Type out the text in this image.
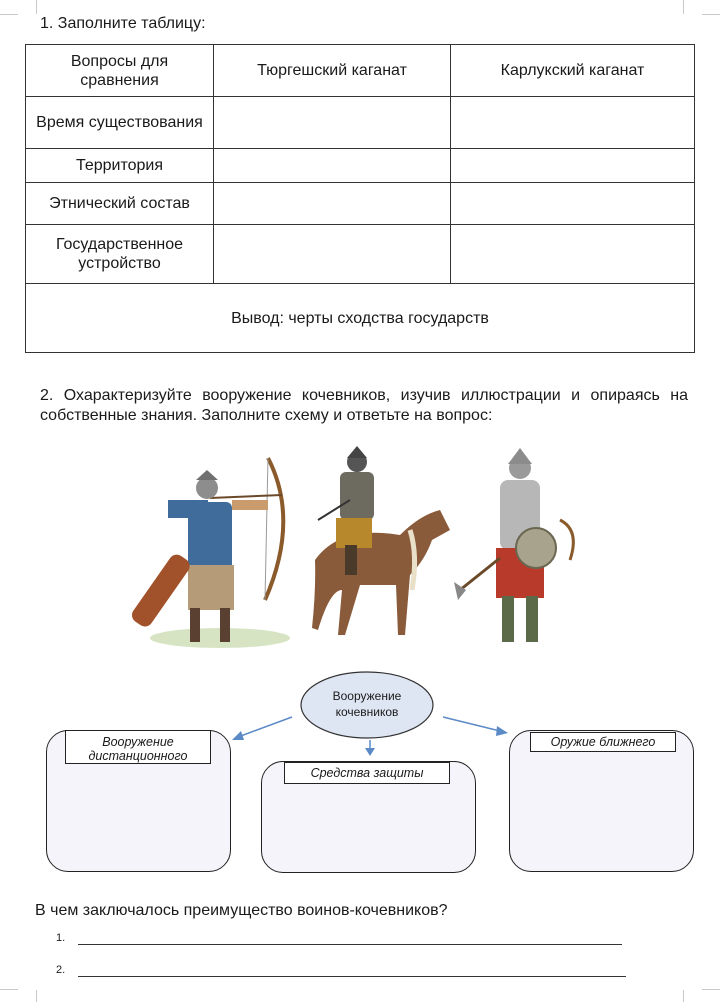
1. Заполните таблицу:
Вопросы для сравнения	Тюргешский каганат	Карлукский каганат
Время существования		
Территория		
Этнический состав		
Государственное устройство		
Вывод: черты сходства государств		
2. Охарактеризуйте вооружение кочевников, изучив иллюстрации и опираясь на собственные знания. Заполните схему и ответьте на вопрос:
Вооружение кочевников
Вооружение дистанционного
Средства защиты
Оружие ближнего
В чем заключалось преимущество воинов-кочевников?
1.
2.
